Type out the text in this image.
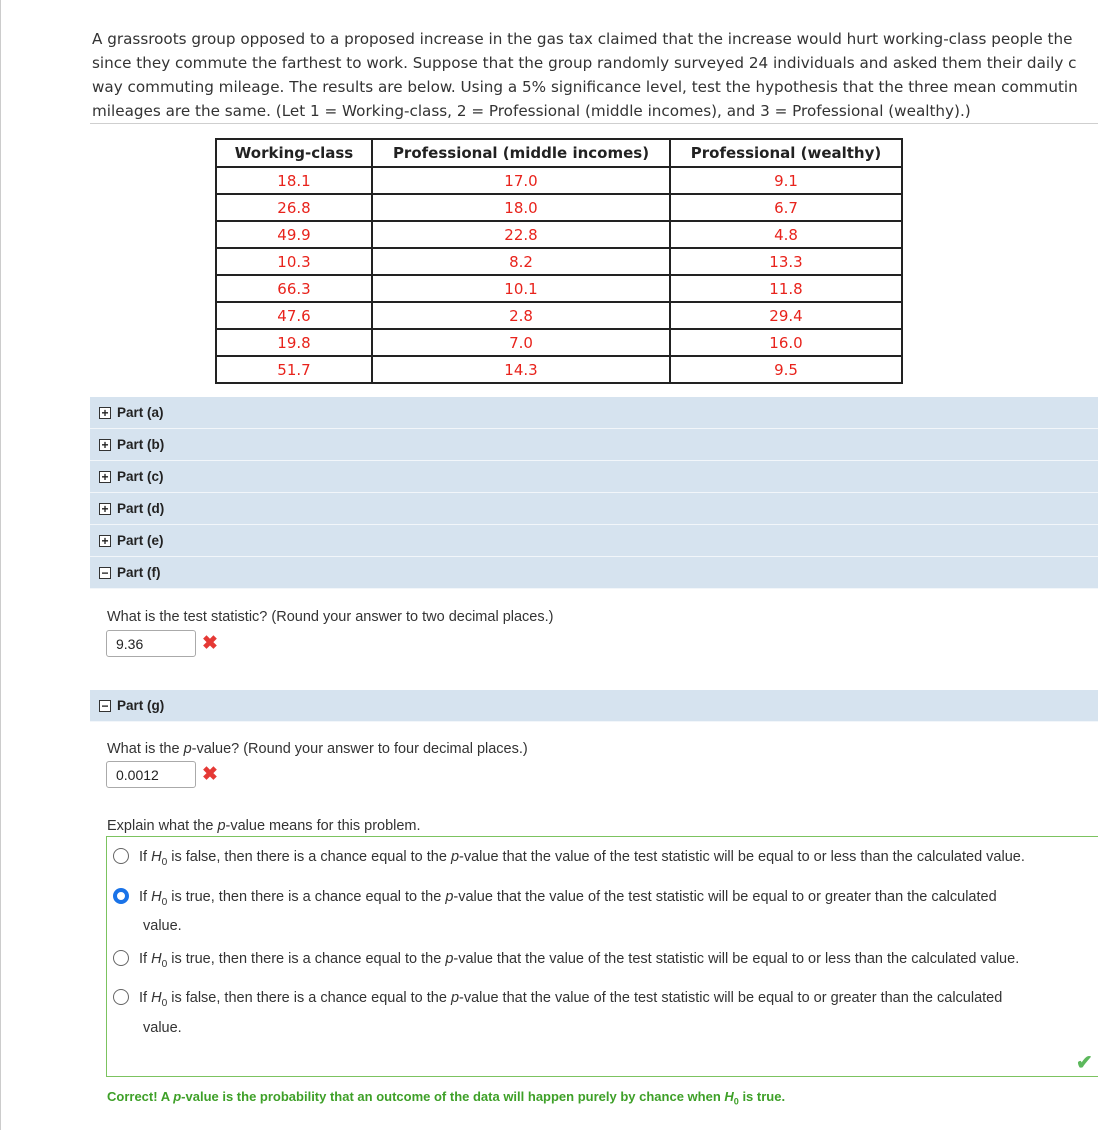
A grassroots group opposed to a proposed increase in the gas tax claimed that the increase would hurt working-class people the
since they commute the farthest to work. Suppose that the group randomly surveyed 24 individuals and asked them their daily c
way commuting mileage. The results are below. Using a 5% significance level, test the hypothesis that the three mean commutin
mileages are the same. (Let 1 = Working-class, 2 = Professional (middle incomes), and 3 = Professional (wealthy).)
Working-class	Professional (middle incomes)	Professional (wealthy)
18.1	17.0	9.1
26.8	18.0	6.7
49.9	22.8	4.8
10.3	8.2	13.3
66.3	10.1	11.8
47.6	2.8	29.4
19.8	7.0	16.0
51.7	14.3	9.5
+ Part (a)
+ Part (b)
+ Part (c)
+ Part (d)
+ Part (e)
− Part (f)
What is the test statistic? (Round your answer to two decimal places.)
9.36	✖
− Part (g)
What is the p-value? (Round your answer to four decimal places.)
0.0012	✖
Explain what the p-value means for this problem.
If $H_0$ is false, then there is a chance equal to the p-value that the value of the test statistic will be equal to or less than the calculated value.
If $H_0$ is true, then there is a chance equal to the p-value that the value of the test statistic will be equal to or greater than the calculated
value.
If $H_0$ is true, then there is a chance equal to the p-value that the value of the test statistic will be equal to or less than the calculated value.
If $H_0$ is false, then there is a chance equal to the p-value that the value of the test statistic will be equal to or greater than the calculated
value.
✔
Correct! A p-value is the probability that an outcome of the data will happen purely by chance when $H_0$ is true.
